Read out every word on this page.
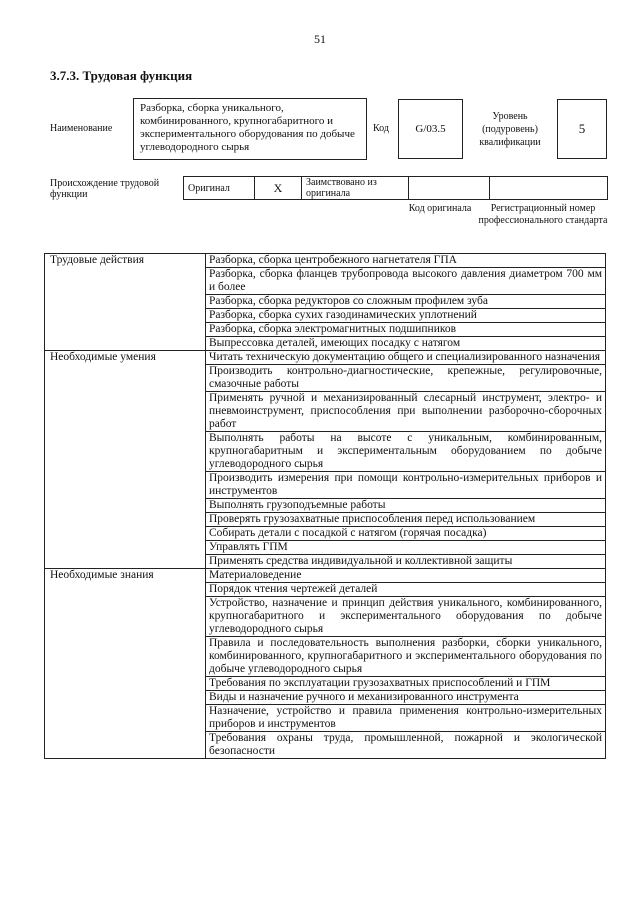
51
3.7.3. Трудовая функция
Наименование
Разборка, сборка уникального, комбинированного, крупногабаритного и экспериментального оборудования по добыче углеводородного сырья
Код	G/03.5
Уровень (подуровень) квалификации
5
Происхождение трудовой функции
Оригинал	X	Заимствовано из оригинала		
Код оригинала	Регистрационный номер профессионального стандарта
Трудовые действия	Разборка, сборка центробежного нагнетателя ГПА
	Разборка, сборка фланцев трубопровода высокого давления диаметром 700 мм и более
	Разборка, сборка редукторов со сложным профилем зуба
	Разборка, сборка сухих газодинамических уплотнений
	Разборка, сборка электромагнитных подшипников
	Выпрессовка деталей, имеющих посадку с натягом
Необходимые умения	Читать техническую документацию общего и специализированного назначения
	Производить контрольно-диагностические, крепежные, регулировочные, смазочные работы
	Применять ручной и механизированный слесарный инструмент, электро- и пневмоинструмент, приспособления при выполнении разборочно-сборочных работ
	Выполнять работы на высоте с уникальным, комбинированным, крупногабаритным и экспериментальным оборудованием по добыче углеводородного сырья
	Производить измерения при помощи контрольно-измерительных приборов и инструментов
	Выполнять грузоподъемные работы
	Проверять грузозахватные приспособления перед использованием
	Собирать детали с посадкой с натягом (горячая посадка)
	Управлять ГПМ
	Применять средства индивидуальной и коллективной защиты
Необходимые знания	Материаловедение
	Порядок чтения чертежей деталей
	Устройство, назначение и принцип действия уникального, комбинированного, крупногабаритного и экспериментального оборудования по добыче углеводородного сырья
	Правила и последовательность выполнения разборки, сборки уникального, комбинированного, крупногабаритного и экспериментального оборудования по добыче углеводородного сырья
	Требования по эксплуатации грузозахватных приспособлений и ГПМ
	Виды и назначение ручного и механизированного инструмента
	Назначение, устройство и правила применения контрольно-измерительных приборов и инструментов
	Требования охраны труда, промышленной, пожарной и экологической безопасности
